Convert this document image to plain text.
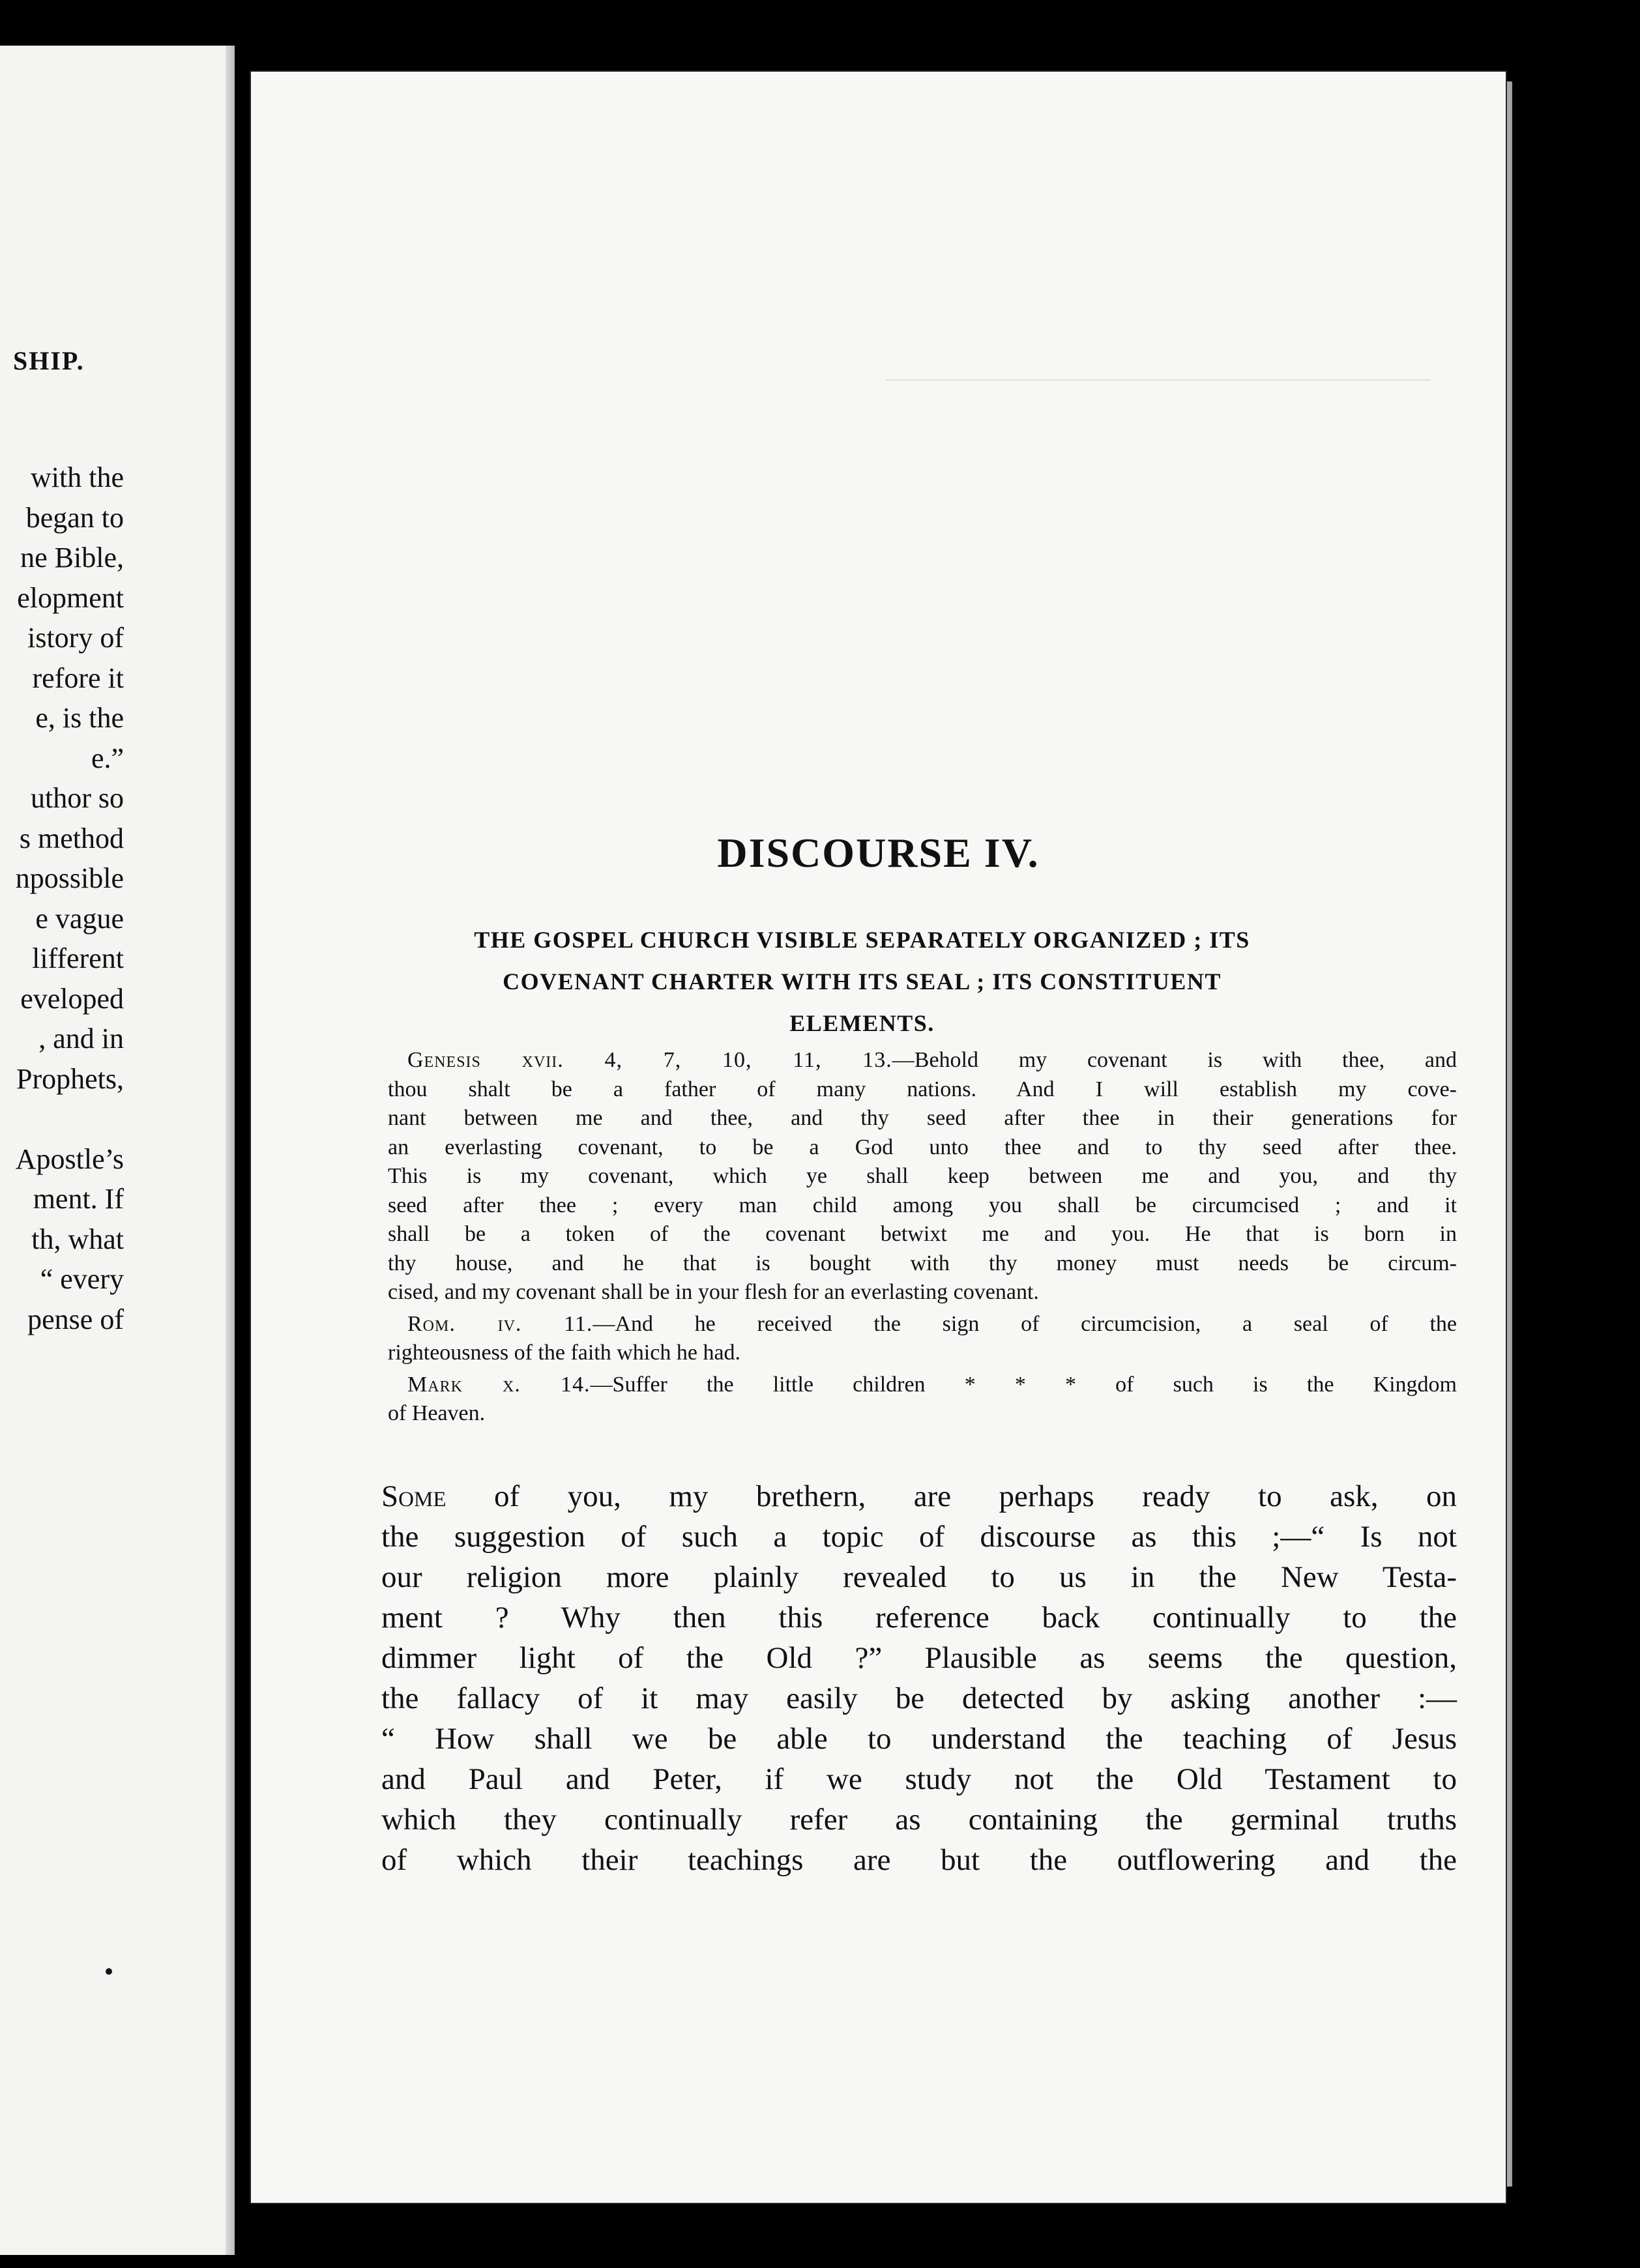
SHIP.
with the
began to
ne Bible,
elopment
istory of
refore it
e, is the
e.”
uthor so
s method
npossible
e vague
lifferent
eveloped
, and in
Prophets,

Apostle’s
ment. If
th, what
“ every
pense of
——————————————————————
DISCOURSE IV.
THE GOSPEL CHURCH VISIBLE SEPARATELY ORGANIZED ; ITS
COVENANT CHARTER WITH ITS SEAL ; ITS CONSTITUENT
ELEMENTS.
Genesis xvii. 4, 7, 10, 11, 13.—Behold my covenant is with thee, and
thou shalt be a father of many nations. And I will establish my cove-
nant between me and thee, and thy seed after thee in their generations for
an everlasting covenant, to be a God unto thee and to thy seed after thee.
This is my covenant, which ye shall keep between me and you, and thy
seed after thee ; every man child among you shall be circumcised ; and it
shall be a token of the covenant betwixt me and you. He that is born in
thy house, and he that is bought with thy money must needs be circum-
cised, and my covenant shall be in your flesh for an everlasting covenant.
Rom. iv. 11.—And he received the sign of circumcision, a seal of the
righteousness of the faith which he had.
Mark x. 14.—Suffer the little children * * * of such is the Kingdom
of Heaven.
Some of you, my brethern, are perhaps ready to ask, on
the suggestion of such a topic of discourse as this ;—“ Is not
our religion more plainly revealed to us in the New Testa-
ment ? Why then this reference back continually to the
dimmer light of the Old ?” Plausible as seems the question,
the fallacy of it may easily be detected by asking another :—
“ How shall we be able to understand the teaching of Jesus
and Paul and Peter, if we study not the Old Testament to
which they continually refer as containing the germinal truths
of which their teachings are but the outflowering and the
